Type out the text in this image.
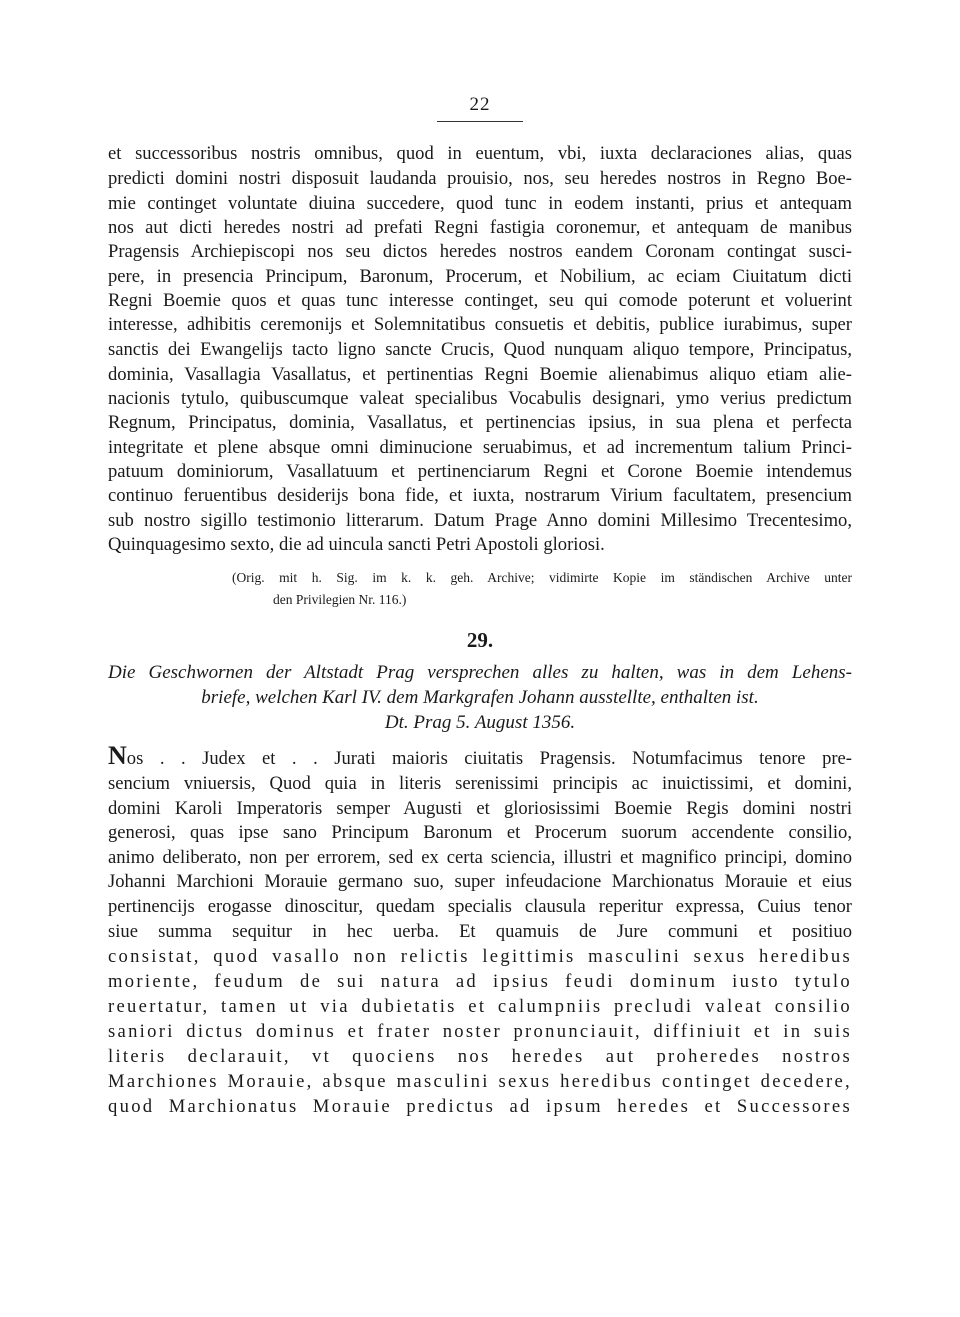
22
et successoribus nostris omnibus, quod in euentum, vbi, iuxta declaraciones alias, quas
predicti domini nostri disposuit laudanda prouisio, nos, seu heredes nostros in Regno Boe-
mie continget voluntate diuina succedere, quod tunc in eodem instanti, prius et antequam
nos aut dicti heredes nostri ad prefati Regni fastigia coronemur, et antequam de manibus
Pragensis Archiepiscopi nos seu dictos heredes nostros eandem Coronam contingat susci-
pere, in presencia Principum, Baronum, Procerum, et Nobilium, ac eciam Ciuitatum dicti
Regni Boemie quos et quas tunc interesse continget, seu qui comode poterunt et voluerint
interesse, adhibitis ceremonijs et Solemnitatibus consuetis et debitis, publice iurabimus, super
sanctis dei Ewangelijs tacto ligno sancte Crucis, Quod nunquam aliquo tempore, Principatus,
dominia, Vasallagia Vasallatus, et pertinentias Regni Boemie alienabimus aliquo etiam alie-
nacionis tytulo, quibuscumque valeat specialibus Vocabulis designari, ymo verius predictum
Regnum, Principatus, dominia, Vasallatus, et pertinencias ipsius, in sua plena et perfecta
integritate et plene absque omni diminucione seruabimus, et ad incrementum talium Princi-
patuum dominiorum, Vasallatuum et pertinenciarum Regni et Corone Boemie intendemus
continuo feruentibus desiderijs bona fide, et iuxta, nostrarum Virium facultatem, presencium
sub nostro sigillo testimonio litterarum. Datum Prage Anno domini Millesimo Trecentesimo,
Quinquagesimo sexto, die ad uincula sancti Petri Apostoli gloriosi.
(Orig. mit h. Sig. im k. k. geh. Archive; vidimirte Kopie im ständischen Archive unter
den Privilegien Nr. 116.)
29.
Die Geschwornen der Altstadt Prag versprechen alles zu halten, was in dem Lehens-
briefe, welchen Karl IV. dem Markgrafen Johann ausstellte, enthalten ist.
Dt. Prag 5. August 1356.
Nos . . Judex et . . Jurati maioris ciuitatis Pragensis. Notumfacimus tenore pre-
sencium vniuersis, Quod quia in literis serenissimi principis ac inuictissimi, et domini,
domini Karoli Imperatoris semper Augusti et gloriosissimi Boemie Regis domini nostri
generosi, quas ipse sano Principum Baronum et Procerum suorum accendente consilio,
animo deliberato, non per errorem, sed ex certa sciencia, illustri et magnifico principi, domino
Johanni Marchioni Morauie germano suo, super infeudacione Marchionatus Morauie et eius
pertinencijs erogasse dinoscitur, quedam specialis clausula reperitur expressa, Cuius tenor
siue summa sequitur in hec uerba. Et quamuis de Jure communi et positiuo
consistat, quod vasallo non relictis legittimis masculini sexus heredibus
moriente, feudum de sui natura ad ipsius feudi dominum iusto tytulo
reuertatur, tamen ut via dubietatis et calumpniis precludi valeat consilio
saniori dictus dominus et frater noster pronunciauit, diffiniuit et in suis
literis declarauit, vt quociens nos heredes aut proheredes nostros
Marchiones Morauie, absque masculini sexus heredibus continget decedere,
quod Marchionatus Morauie predictus ad ipsum heredes et Successores
